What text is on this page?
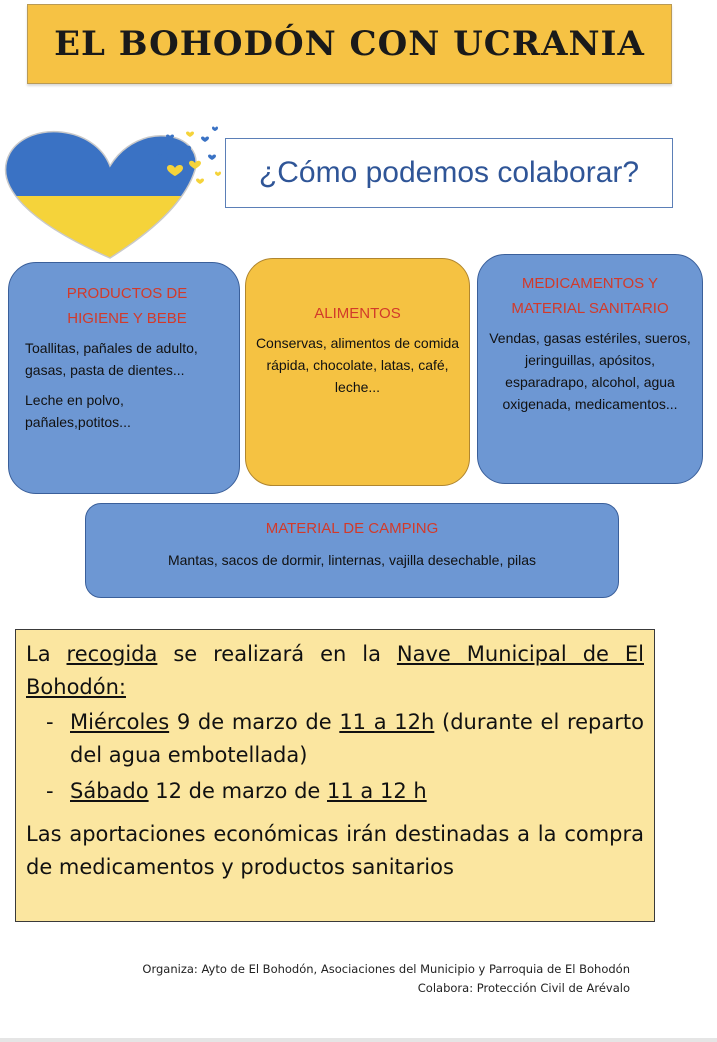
EL BOHODÓN CON UCRANIA
¿Cómo podemos colaborar?
PRODUCTOS DE
HIGIENE Y BEBE

Toallitas, pañales de adulto, gasas, pasta de dientes...

Leche en polvo, pañales,potitos...

ALIMENTOS

Conservas, alimentos de comida rápida, chocolate, latas, café, leche...

MEDICAMENTOS Y
MATERIAL SANITARIO

Vendas, gasas estériles, sueros, jeringuillas, apósitos, esparadrapo, alcohol, agua oxigenada, medicamentos...

MATERIAL DE CAMPING

Mantas, sacos de dormir, linternas, vajilla desechable, pilas

La recogida se realizará en la Nave Municipal de El Bohodón:

- Miércoles 9 de marzo de 11 a 12h (durante el reparto del agua embotellada)
- Sábado 12 de marzo de 11 a 12 h

Las aportaciones económicas irán destinadas a la compra de medicamentos y productos sanitarios

Organiza: Ayto de El Bohodón, Asociaciones del Municipio y Parroquia de El Bohodón
Colabora: Protección Civil de Arévalo
